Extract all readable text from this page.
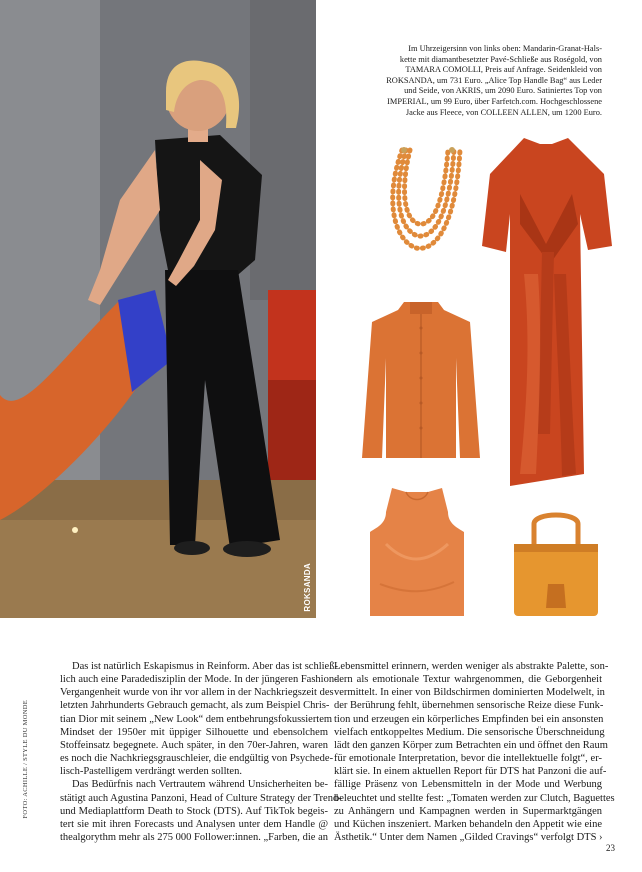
ROKSANDA
Im Uhrzeigersinn von links oben: Mandarin-Granat-Hals-
kette mit diamantbesetzter Pavé-Schließe aus Roségold, von
TAMARA COMOLLI, Preis auf Anfrage. Seidenkleid von
ROKSANDA, um 731 Euro. „Alice Top Handle Bag“ aus Leder
und Seide, von AKRIS, um 2090 Euro. Satiniertes Top von
IMPERIAL, um 99 Euro, über Farfetch.com. Hochgeschlossene
Jacke aus Fleece, von COLLEEN ALLEN, um 1200 Euro.
Das ist natürlich Eskapismus in Reinform. Aber das ist schließ-
lich auch eine Paradedisziplin der Mode. In der jüngeren Fashion-
Vergangenheit wurde von ihr vor allem in der Nachkriegszeit des
letzten Jahrhunderts Gebrauch gemacht, als zum Beispiel Chris-
tian Dior mit seinem „New Look“ dem entbehrungsfokussiertem
Mindset der 1950er mit üppiger Silhouette und ebensolchem
Stoffeinsatz begegnete. Auch später, in den 70er-Jahren, waren
es noch die Nachkriegsgrauschleier, die endgültig von Psychede-
lisch-Pastelligem verdrängt werden sollten.
Das Bedürfnis nach Vertrautem während Unsicherheiten be-
stätigt auch Agustina Panzoni, Head of Culture Strategy der Trend-
und Mediaplattform Death to Stock (DTS). Auf TikTok begeis-
tert sie mit ihren Forecasts und Analysen unter dem Handle @
thealgorythm mehr als 275 000 Follower:innen. „Farben, die an
Lebensmittel erinnern, werden weniger als abstrakte Palette, son-
dern als emotionale Textur wahrgenommen, die Geborgenheit
vermittelt. In einer von Bildschirmen dominierten Modelwelt, in
der Berührung fehlt, übernehmen sensorische Reize diese Funk-
tion und erzeugen ein körperliches Empfinden bei ein ansonsten
vielfach entkoppeltes Medium. Die sensorische Überschneidung
lädt den ganzen Körper zum Betrachten ein und öffnet den Raum
für emotionale Interpretation, bevor die intellektuelle folgt“, er-
klärt sie. In einem aktuellen Report für DTS hat Panzoni die auf-
fällige Präsenz von Lebensmitteln in der Mode und Werbung
beleuchtet und stellte fest: „Tomaten werden zur Clutch, Baguettes
zu Anhängern und Kampagnen werden in Supermarktgängen
und Küchen inszeniert. Marken behandeln den Appetit wie eine
Ästhetik.“ Unter dem Namen „Gilded Cravings“ verfolgt DTS ›
FOTO: ACHILLE / STYLE DU MONDE
23
